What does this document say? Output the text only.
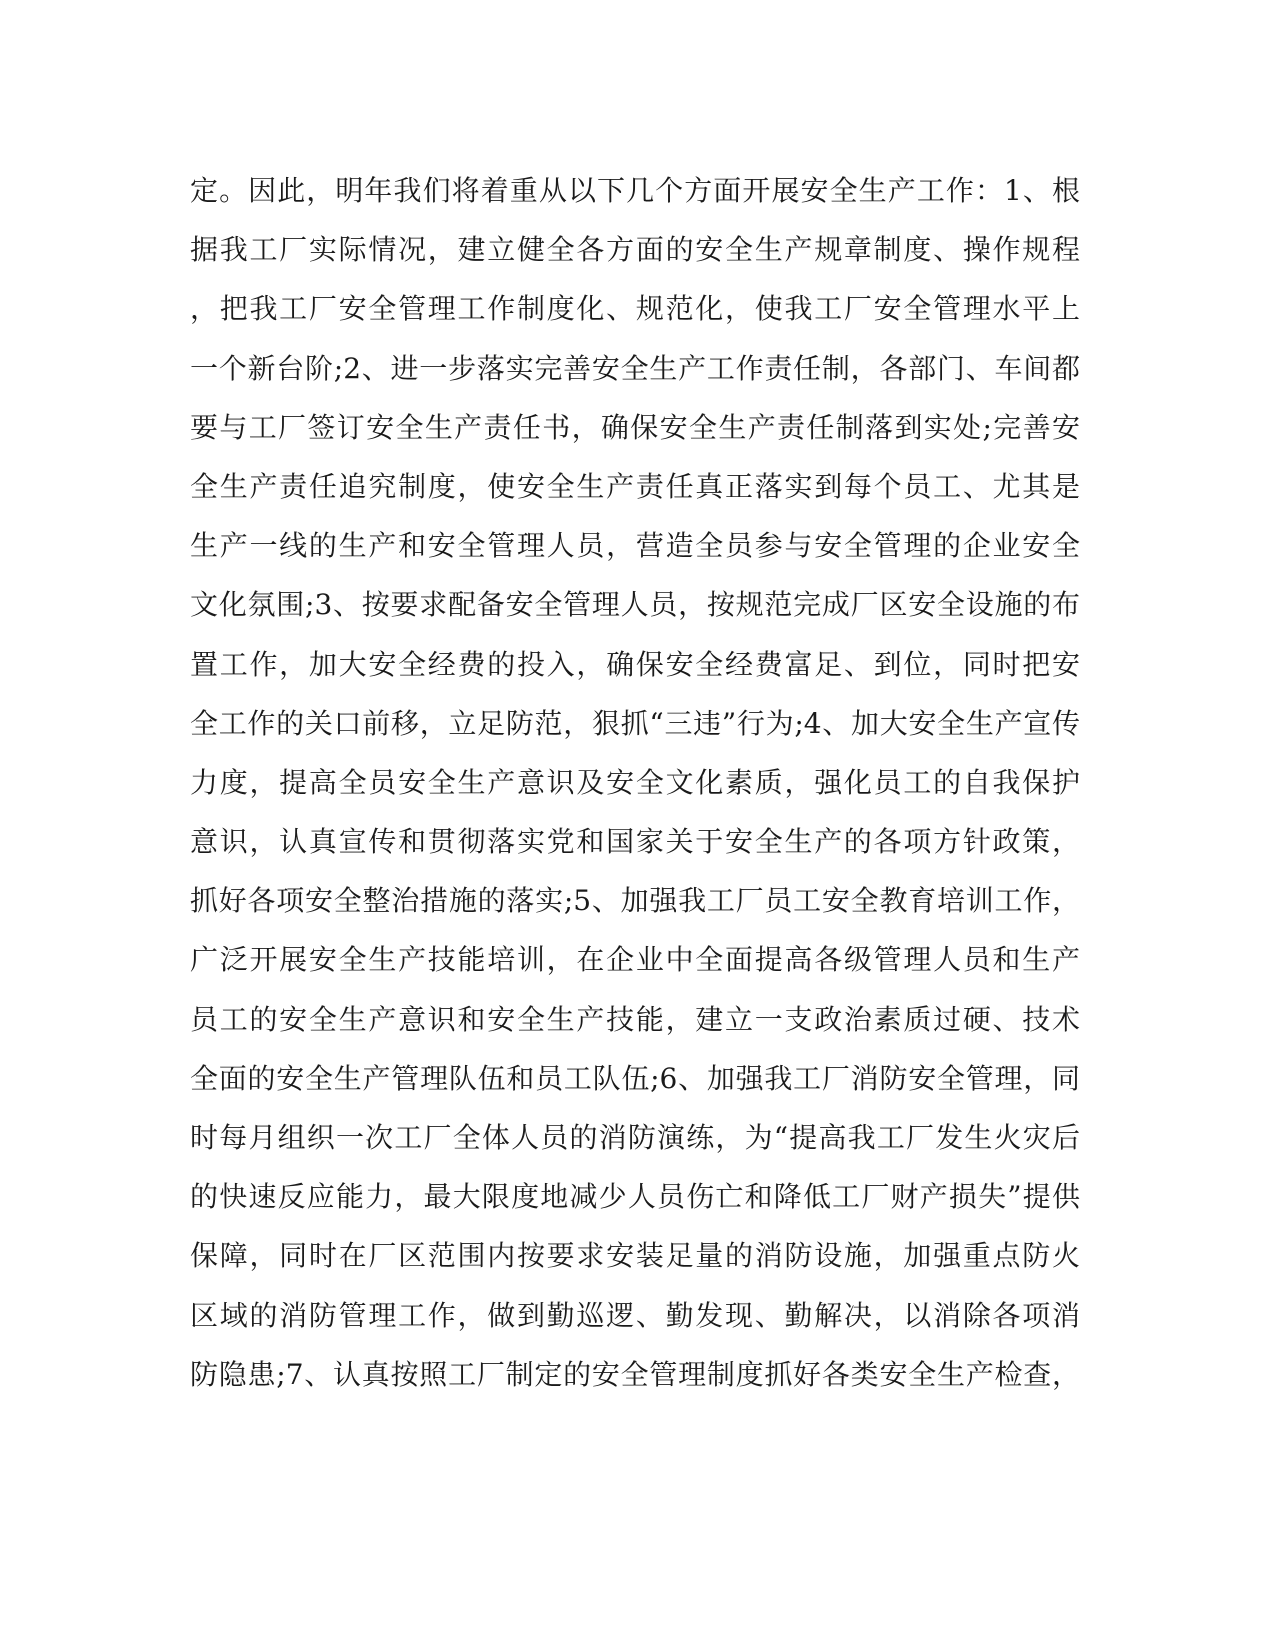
定。因此，明年我们将着重从以下几个方面开展安全生产工作：1、根
据我工厂实际情况，建立健全各方面的安全生产规章制度、操作规程
，把我工厂安全管理工作制度化、规范化，使我工厂安全管理水平上
一个新台阶;2、进一步落实完善安全生产工作责任制，各部门、车间都
要与工厂签订安全生产责任书，确保安全生产责任制落到实处;完善安
全生产责任追究制度，使安全生产责任真正落实到每个员工、尤其是
生产一线的生产和安全管理人员，营造全员参与安全管理的企业安全
文化氛围;3、按要求配备安全管理人员，按规范完成厂区安全设施的布
置工作，加大安全经费的投入，确保安全经费富足、到位，同时把安
全工作的关口前移，立足防范，狠抓“三违”行为;4、加大安全生产宣传
力度，提高全员安全生产意识及安全文化素质，强化员工的自我保护
意识，认真宣传和贯彻落实党和国家关于安全生产的各项方针政策，
抓好各项安全整治措施的落实;5、加强我工厂员工安全教育培训工作，
广泛开展安全生产技能培训，在企业中全面提高各级管理人员和生产
员工的安全生产意识和安全生产技能，建立一支政治素质过硬、技术
全面的安全生产管理队伍和员工队伍;6、加强我工厂消防安全管理，同
时每月组织一次工厂全体人员的消防演练，为“提高我工厂发生火灾后
的快速反应能力，最大限度地减少人员伤亡和降低工厂财产损失”提供
保障，同时在厂区范围内按要求安装足量的消防设施，加强重点防火
区域的消防管理工作，做到勤巡逻、勤发现、勤解决，以消除各项消
防隐患;7、认真按照工厂制定的安全管理制度抓好各类安全生产检查，
